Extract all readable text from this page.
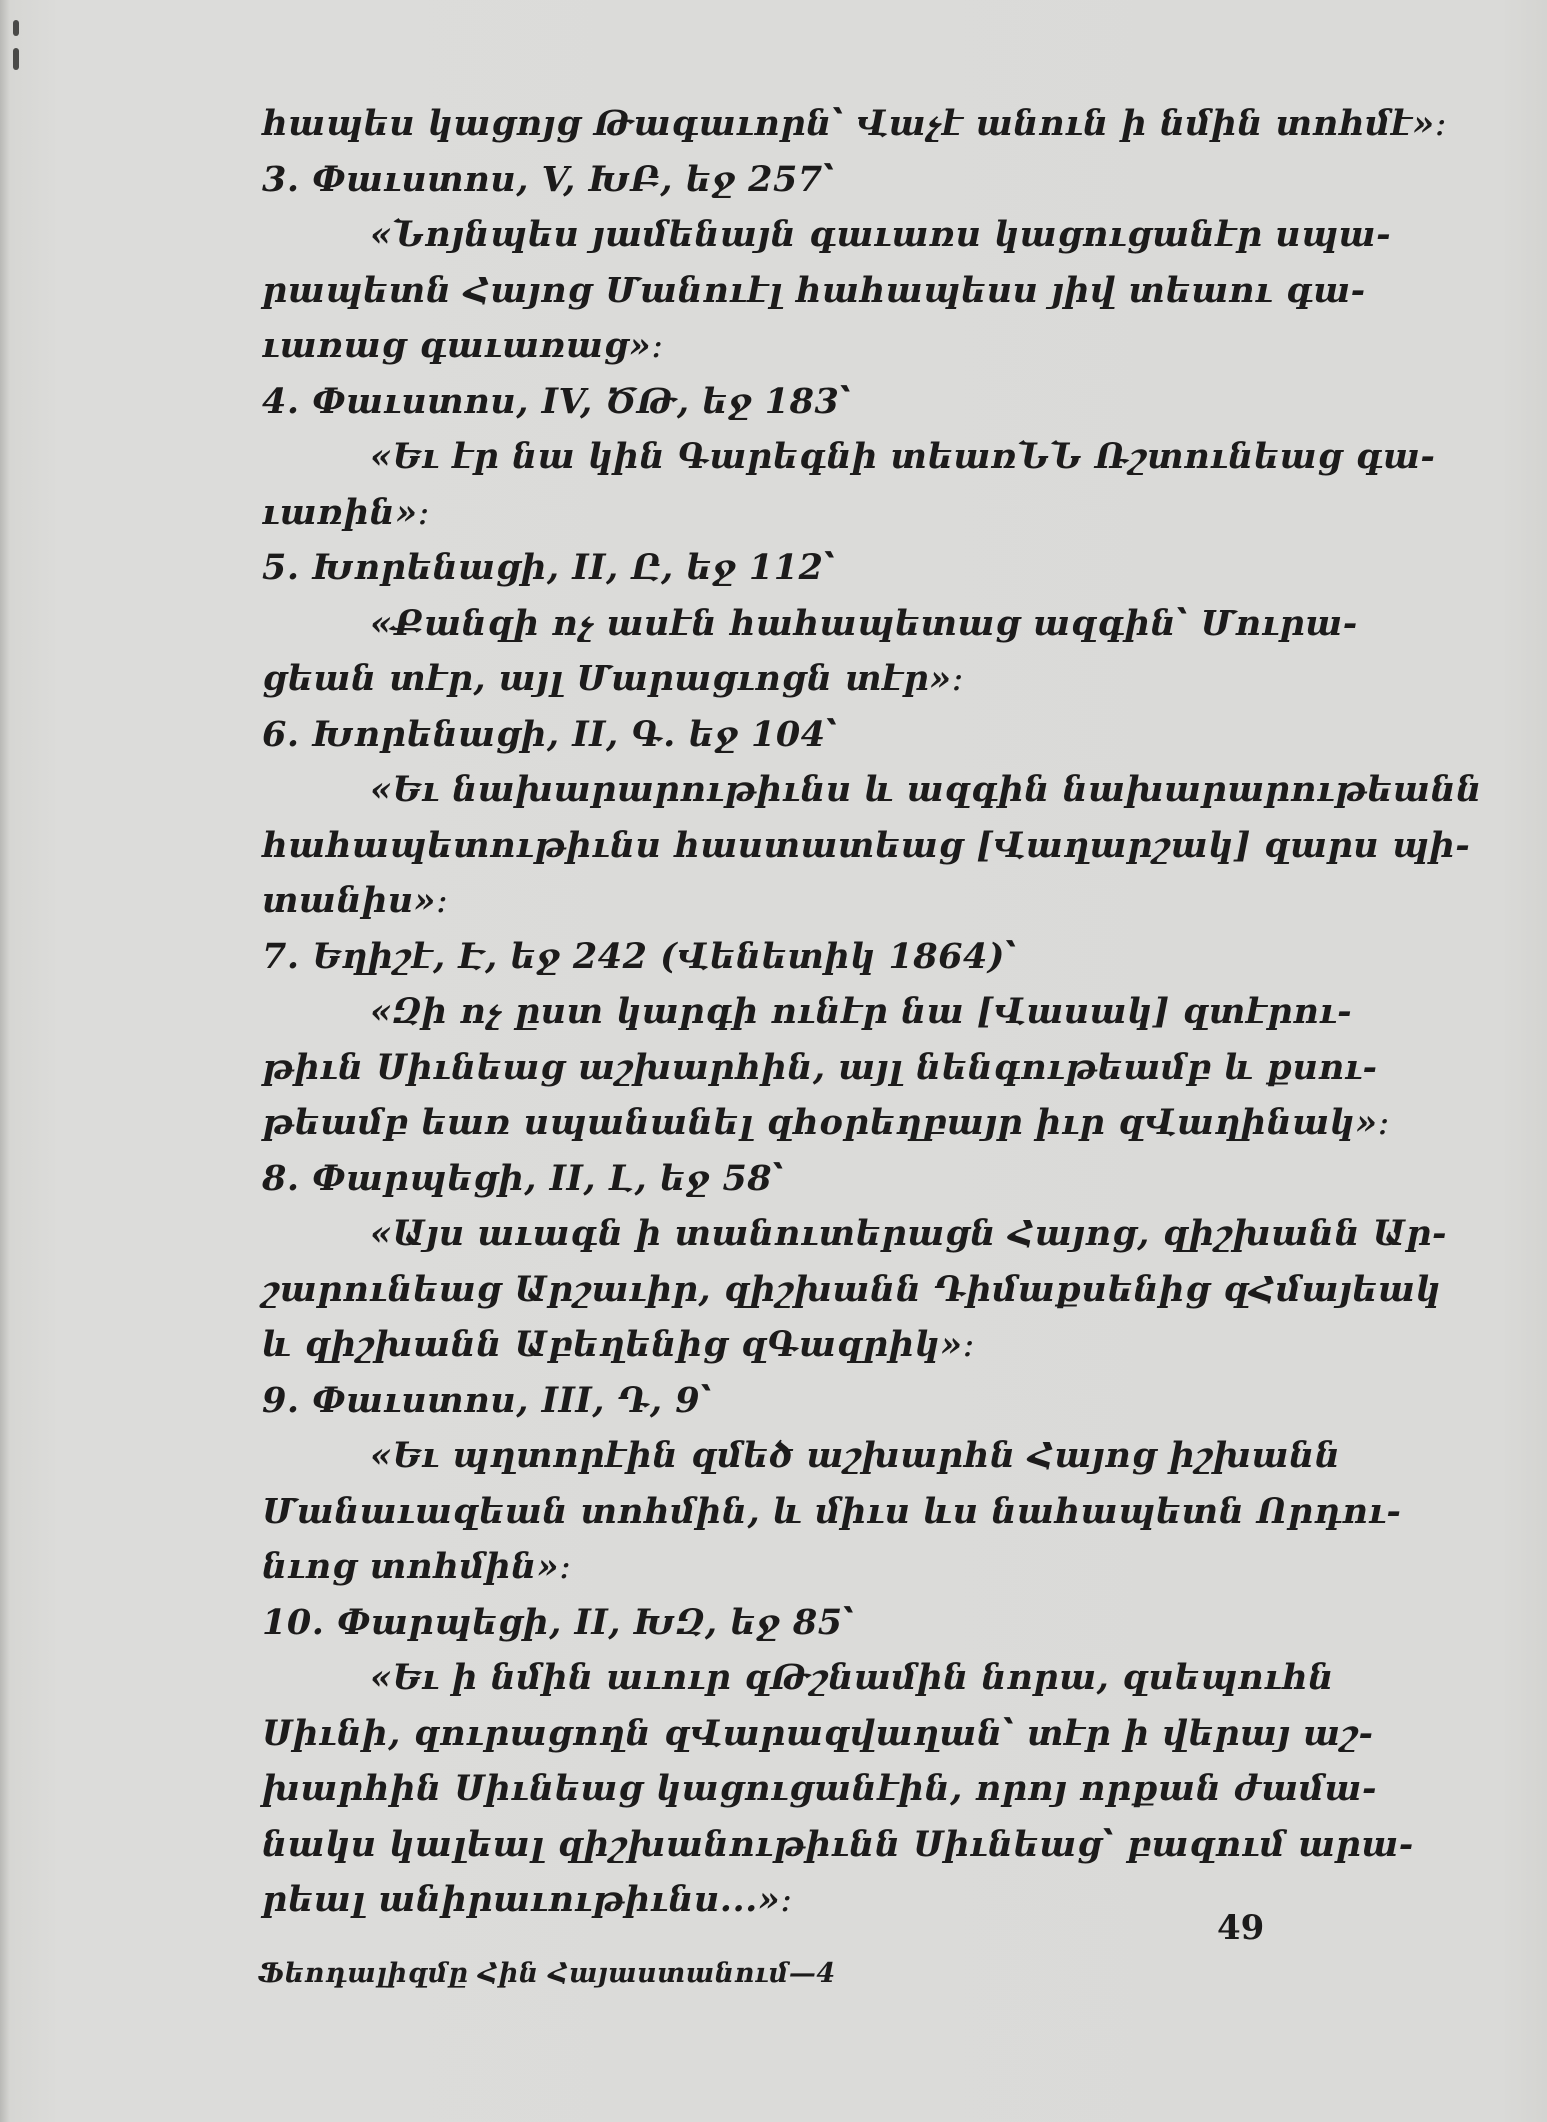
հապես կացոյց Թագաւորն՝ Վաչէ անուն ի նմին տոհմէ»։
3. Փաւստոս, V, ԽԲ, եջ 257՝
«Նոյնպես յամենայն գաւառս կացուցանէր սպա-
րապետն Հայոց Մանուէլ հահապեսս յիվ տեաու գա-
ւառաց գաւառաց»։
4. Փաւստոս, IV, ԾԹ, եջ 183՝
«Եւ էր նա կին Գարեգնի տեառՆՆ Ռշտունեաց գա-
ւառին»։
5. Խորենացի, II, Ը, եջ 112՝
«Քանզի ոչ ասէն հահապետաց ազգին՝ Մուրա-
ցեան տէր, այլ Մարացւոցն տէր»։
6. Խորենացի, II, Գ. եջ 104՝
«Եւ նախարարութիւնս և ազգին նախարարութեանն
հահապետութիւնս հաստատեաց [Վաղարշակ] զարս պի-
տանիս»։
7. Եղիշէ, Է, եջ 242 (Վենետիկ 1864)՝
«Զի ոչ ըստ կարգի ունէր նա [Վասակ] զտէրու-
թիւն Սիւնեաց աշխարհին, այլ նենգութեամբ և քսու-
թեամբ եառ սպանանել զհօրեղբայր իւր զՎաղինակ»։
8. Փարպեցի, II, Լ, եջ 58՝
«Այս աւագն ի տանուտերացն Հայոց, զիշխանն Ար-
շարունեաց Արշաւիր, զիշխանն Դիմաքսենից զՀմայեակ
և զիշխանն Աբեղենից զԳազրիկ»։
9. Փաւստոս, III, Դ, 9՝
«Եւ պղտորէին զմեծ աշխարհն Հայոց իշխանն
Մանաւազեան տոհմին, և միւս ևս նահապետն Որդու-
նւոց տոհմին»։
10. Փարպեցի, II, ԽԶ, եջ 85՝
«Եւ ի նմին աւուր զԹշնամին նորա, զսեպուհն
Սիւնի, զուրացողն զՎարազվաղան՝ տէր ի վերայ աշ-
խարհին Սիւնեաց կացուցանէին, որոյ որքան ժամա-
նակս կալեալ զիշխանութիւնն Սիւնեաց՝ բազում արա-
րեալ անիրաւութիւնս...»։
49
Ֆեոդալիզմը Հին Հայաստանում—4
